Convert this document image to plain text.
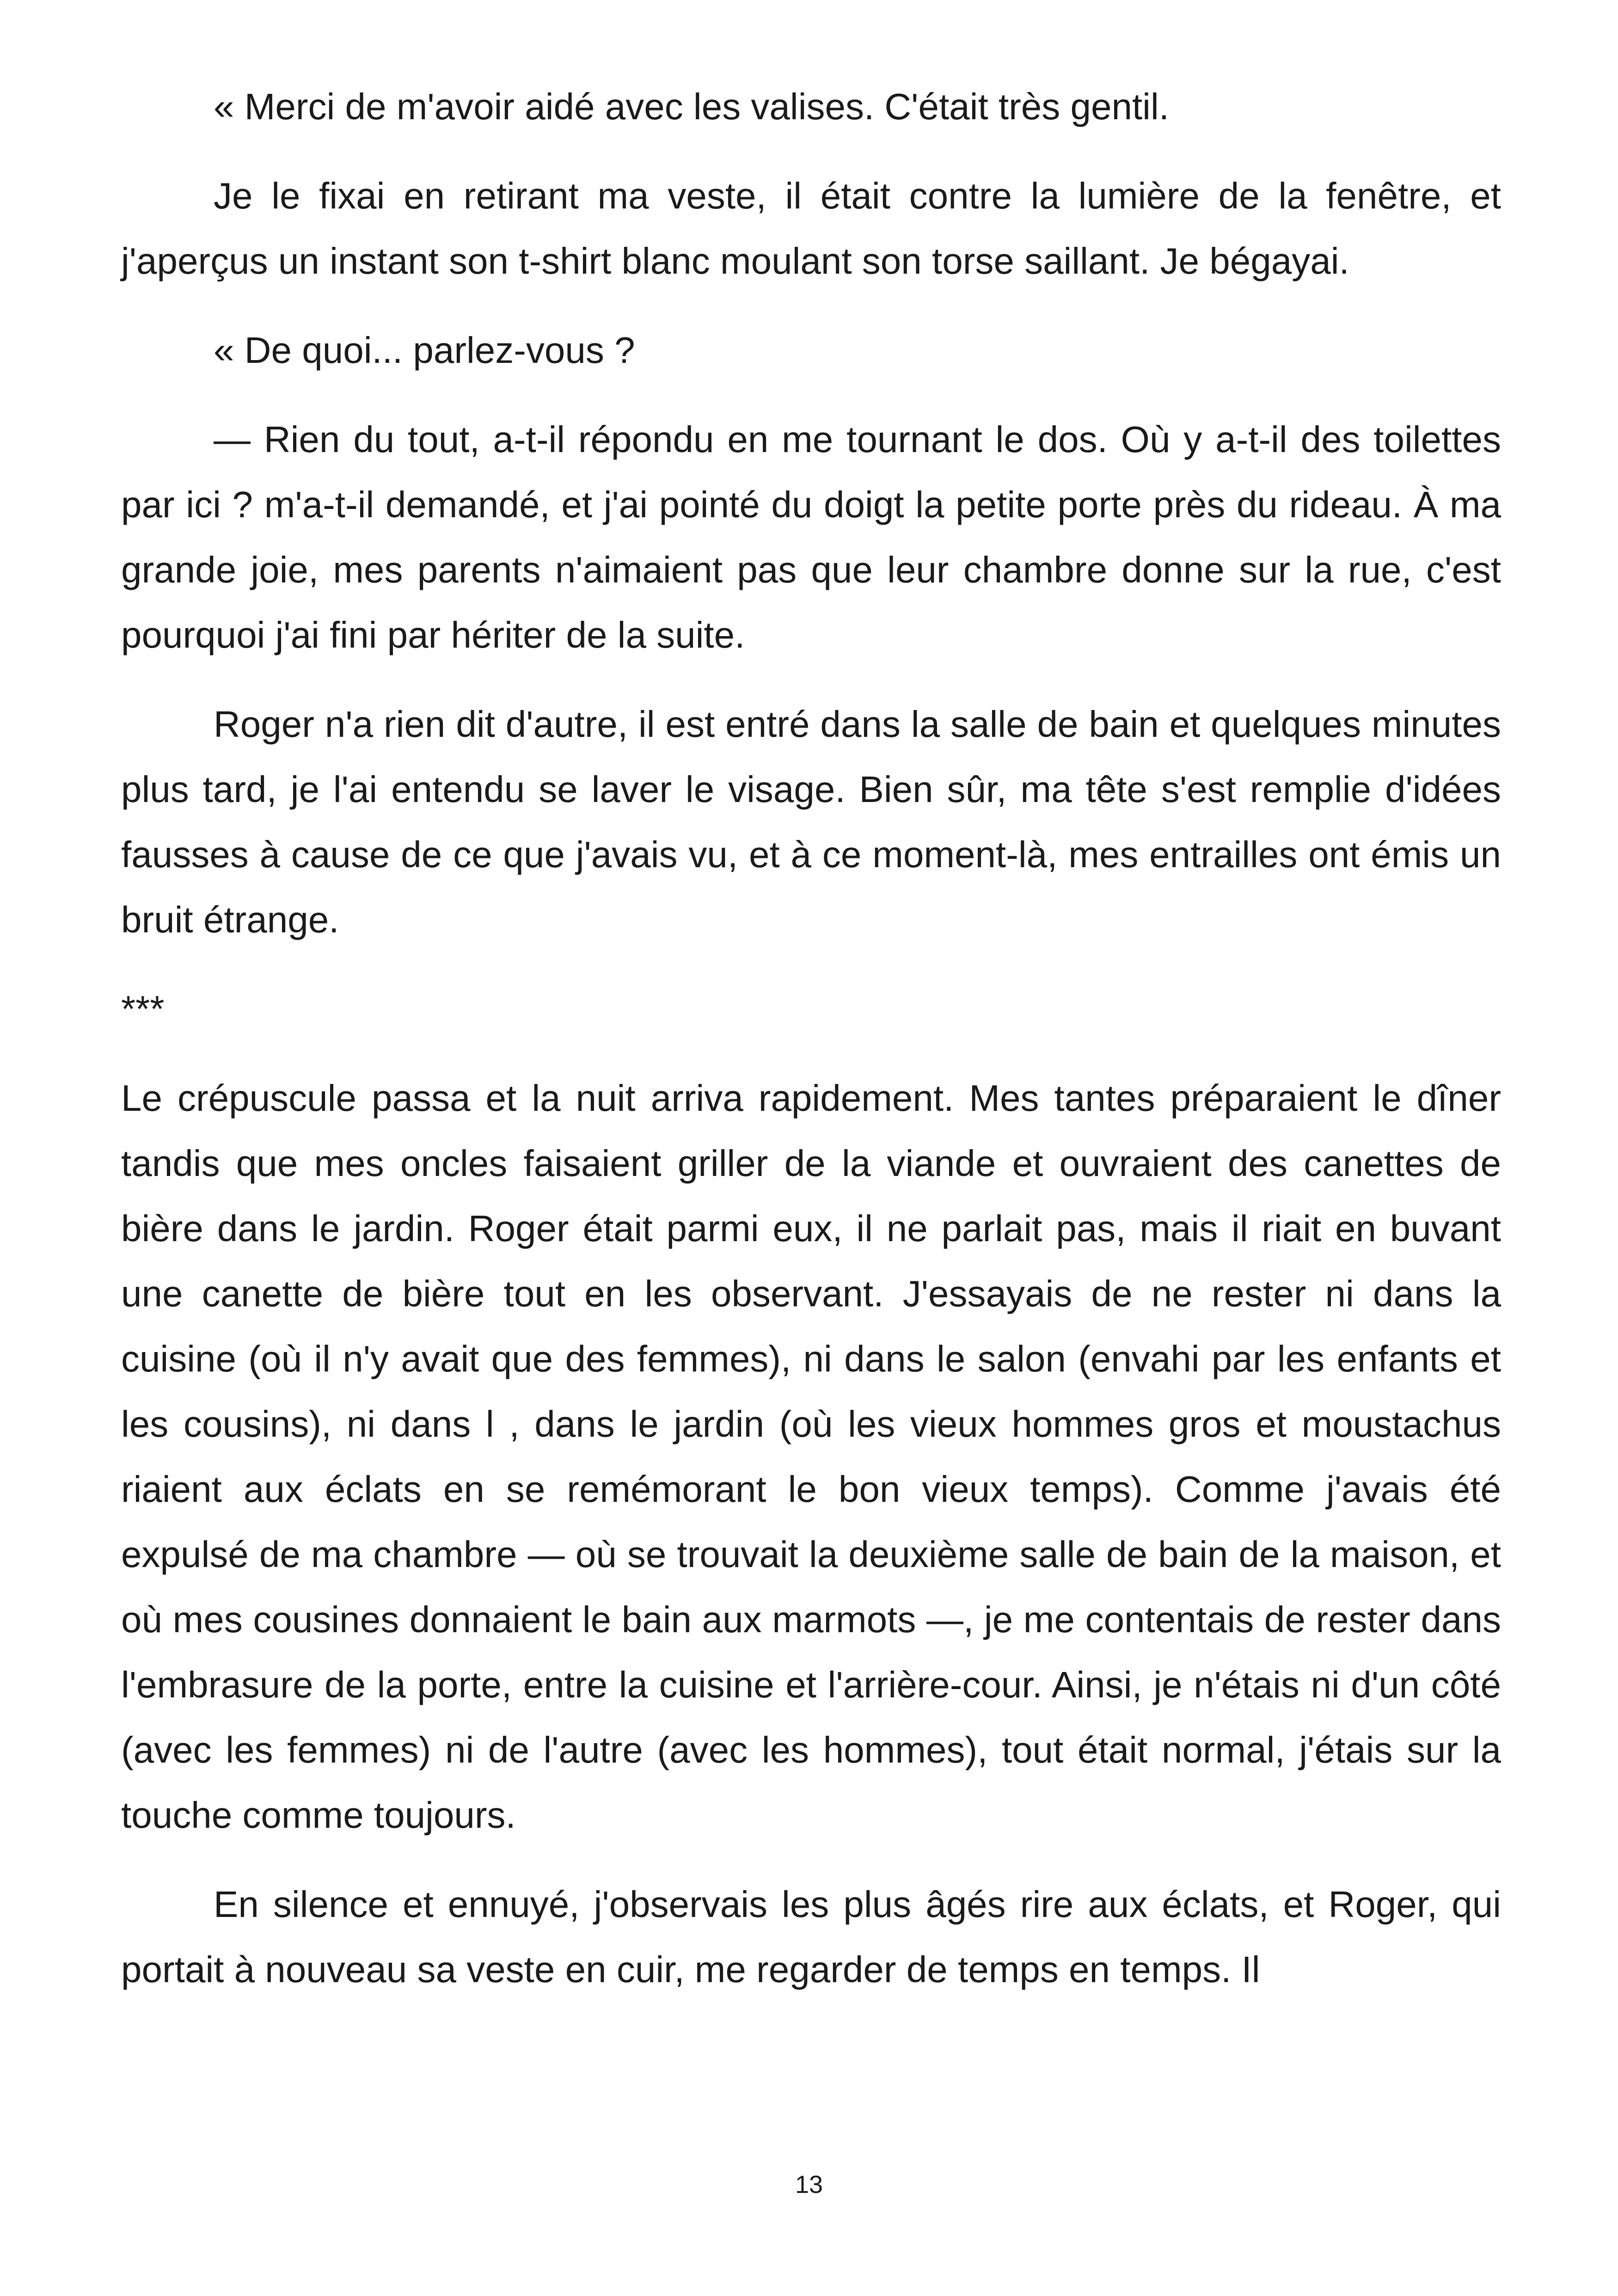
« Merci de m'avoir aidé avec les valises. C'était très gentil.

Je le fixai en retirant ma veste, il était contre la lumière de la fenêtre, et j'aperçus un instant son t-shirt blanc moulant son torse saillant. Je bégayai.

« De quoi... parlez-vous ?

— Rien du tout, a-t-il répondu en me tournant le dos. Où y a-t-il des toilettes par ici ? m'a-t-il demandé, et j'ai pointé du doigt la petite porte près du rideau. À ma grande joie, mes parents n'aimaient pas que leur chambre donne sur la rue, c'est pourquoi j'ai fini par hériter de la suite.

Roger n'a rien dit d'autre, il est entré dans la salle de bain et quelques minutes plus tard, je l'ai entendu se laver le visage. Bien sûr, ma tête s'est remplie d'idées fausses à cause de ce que j'avais vu, et à ce moment-là, mes entrailles ont émis un bruit étrange.

***

Le crépuscule passa et la nuit arriva rapidement. Mes tantes préparaient le dîner tandis que mes oncles faisaient griller de la viande et ouvraient des canettes de bière dans le jardin. Roger était parmi eux, il ne parlait pas, mais il riait en buvant une canette de bière tout en les observant. J'essayais de ne rester ni dans la cuisine (où il n'y avait que des femmes), ni dans le salon (envahi par les enfants et les cousins), ni dans l , dans le jardin (où les vieux hommes gros et moustachus riaient aux éclats en se remémorant le bon vieux temps). Comme j'avais été expulsé de ma chambre — où se trouvait la deuxième salle de bain de la maison, et où mes cousines donnaient le bain aux marmots —, je me contentais de rester dans l'embrasure de la porte, entre la cuisine et l'arrière-cour. Ainsi, je n'étais ni d'un côté (avec les femmes) ni de l'autre (avec les hommes), tout était normal, j'étais sur la touche comme toujours.

En silence et ennuyé, j'observais les plus âgés rire aux éclats, et Roger, qui portait à nouveau sa veste en cuir, me regarder de temps en temps. Il

13
